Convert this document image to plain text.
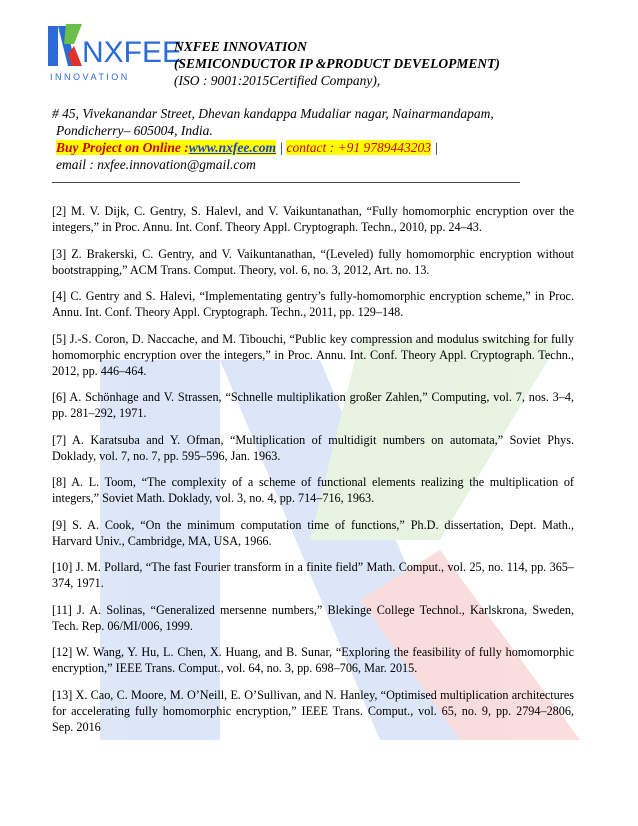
NXFEE
I N N O V A T I O N
NXFEE INNOVATION
(SEMICONDUCTOR IP &PRODUCT DEVELOPMENT)
(ISO : 9001:2015Certified Company),
# 45, Vivekanandar Street, Dhevan kandappa Mudaliar nagar, Nainarmandapam,
Pondicherry– 605004, India.
Buy Project on Online :www.nxfee.com | contact : +91 9789443203 |
email : nxfee.innovation@gmail.com

[2] M. V. Dijk, C. Gentry, S. Halevl, and V. Vaikuntanathan, “Fully homomorphic encryption over the integers,” in Proc. Annu. Int. Conf. Theory Appl. Cryptograph. Techn., 2010, pp. 24–43.

[3] Z. Brakerski, C. Gentry, and V. Vaikuntanathan, “(Leveled) fully homomorphic encryption without bootstrapping,” ACM Trans. Comput. Theory, vol. 6, no. 3, 2012, Art. no. 13.

[4] C. Gentry and S. Halevi, “Implementating gentry’s fully-homomorphic encryption scheme,” in Proc. Annu. Int. Conf. Theory Appl. Cryptograph. Techn., 2011, pp. 129–148.

[5] J.-S. Coron, D. Naccache, and M. Tibouchi, “Public key compression and modulus switching for fully homomorphic encryption over the integers,” in Proc. Annu. Int. Conf. Theory Appl. Cryptograph. Techn., 2012, pp. 446–464.

[6] A. Schönhage and V. Strassen, “Schnelle multiplikation großer Zahlen,” Computing, vol. 7, nos. 3–4, pp. 281–292, 1971.

[7] A. Karatsuba and Y. Ofman, “Multiplication of multidigit numbers on automata,” Soviet Phys. Doklady, vol. 7, no. 7, pp. 595–596, Jan. 1963.

[8] A. L. Toom, “The complexity of a scheme of functional elements realizing the multiplication of integers,” Soviet Math. Doklady, vol. 3, no. 4, pp. 714–716, 1963.

[9] S. A. Cook, “On the minimum computation time of functions,” Ph.D. dissertation, Dept. Math., Harvard Univ., Cambridge, MA, USA, 1966.

[10] J. M. Pollard, “The fast Fourier transform in a finite field” Math. Comput., vol. 25, no. 114, pp. 365–374, 1971.

[11] J. A. Solinas, “Generalized mersenne numbers,” Blekinge College Technol., Karlskrona, Sweden, Tech. Rep. 06/MI/006, 1999.

[12] W. Wang, Y. Hu, L. Chen, X. Huang, and B. Sunar, “Exploring the feasibility of fully homomorphic encryption,” IEEE Trans. Comput., vol. 64, no. 3, pp. 698–706, Mar. 2015.

[13] X. Cao, C. Moore, M. O’Neill, E. O’Sullivan, and N. Hanley, “Optimised multiplication architectures for accelerating fully homomorphic encryption,” IEEE Trans. Comput., vol. 65, no. 9, pp. 2794–2806, Sep. 2016
